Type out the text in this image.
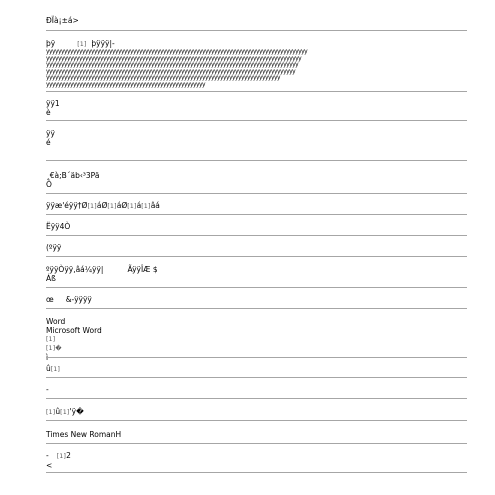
ÐÏà¡±á>
þÿ	[1] þÿÿÿ|-
ÿÿÿÿÿÿÿÿÿÿÿÿÿÿÿÿÿÿÿÿÿÿÿÿÿÿÿÿÿÿÿÿÿÿÿÿÿÿÿÿÿÿÿÿÿÿÿÿÿÿÿÿÿÿÿÿÿÿÿÿÿÿÿÿÿÿÿÿÿÿÿÿÿÿÿÿÿÿÿÿÿÿÿÿÿÿÿ
ÿÿÿÿÿÿÿÿÿÿÿÿÿÿÿÿÿÿÿÿÿÿÿÿÿÿÿÿÿÿÿÿÿÿÿÿÿÿÿÿÿÿÿÿÿÿÿÿÿÿÿÿÿÿÿÿÿÿÿÿÿÿÿÿÿÿÿÿÿÿÿÿÿÿÿÿÿÿÿÿÿÿÿÿÿ
ÿÿÿÿÿÿÿÿÿÿÿÿÿÿÿÿÿÿÿÿÿÿÿÿÿÿÿÿÿÿÿÿÿÿÿÿÿÿÿÿÿÿÿÿÿÿÿÿÿÿÿÿÿÿÿÿÿÿÿÿÿÿÿÿÿÿÿÿÿÿÿÿÿÿÿÿÿÿÿÿÿÿÿÿ
ÿÿÿÿÿÿÿÿÿÿÿÿÿÿÿÿÿÿÿÿÿÿÿÿÿÿÿÿÿÿÿÿÿÿÿÿÿÿÿÿÿÿÿÿÿÿÿÿÿÿÿÿÿÿÿÿÿÿÿÿÿÿÿÿÿÿÿÿÿÿÿÿÿÿÿÿÿÿÿÿÿÿÿ
ÿÿÿÿÿÿÿÿÿÿÿÿÿÿÿÿÿÿÿÿÿÿÿÿÿÿÿÿÿÿÿÿÿÿÿÿÿÿÿÿÿÿÿÿÿÿÿÿÿÿÿÿÿÿÿÿÿÿÿÿÿÿÿÿÿÿÿÿÿÿÿÿÿÿÿÿÿÿ
ÿÿÿÿÿÿÿÿÿÿÿÿÿÿÿÿÿÿÿÿÿÿÿÿÿÿÿÿÿÿÿÿÿÿÿÿÿÿÿÿÿÿÿÿÿÿÿÿÿÿÿÿÿ
ÿÿ1
è
ÿÿ
é
¸€à;B´äb‹³3Pä
Ô
ÿÿæ'éÿÿ†Ø[1]áØ[1]áØ[1]á[1]âá
Ëÿÿ4Ò
(ºÿÿ
ºÿÿÒÿÿ,âá¼ÿÿ|	ÃÿÿÎÆ $
Áß
œ &-ÿÿÿÿ
Word
Microsoft Word
[1]
[1]�
ì
û[1]
-
[1]û[1]'ÿ�
Times New RomanH
- [1]2
<
